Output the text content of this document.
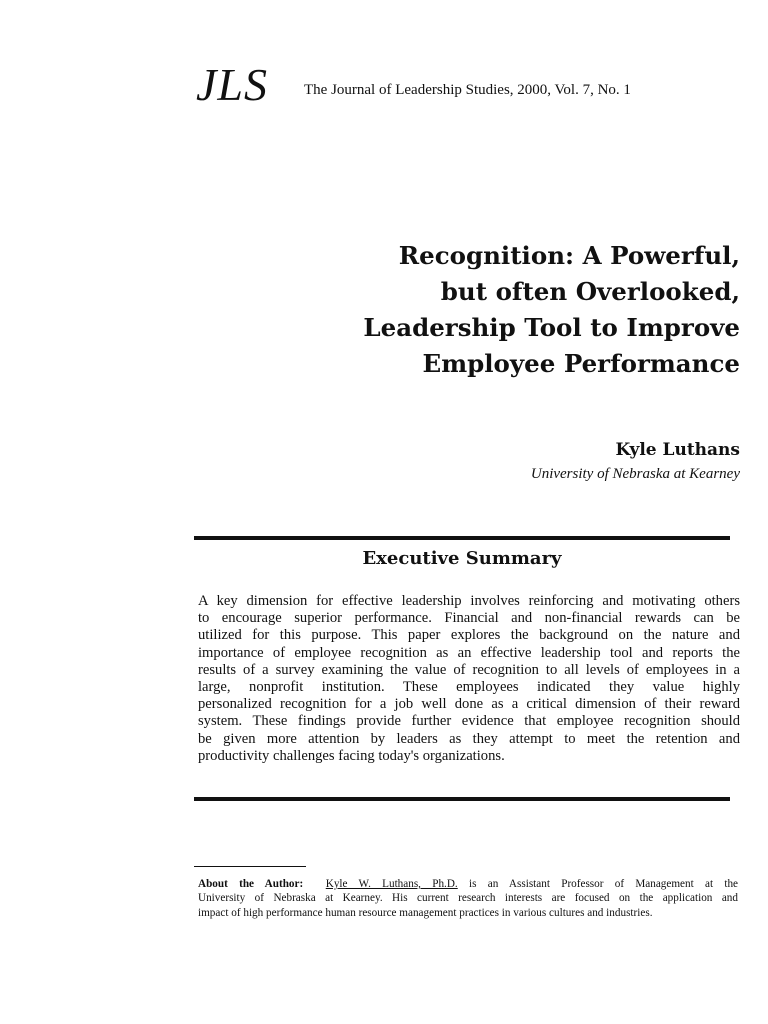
JLS The Journal of Leadership Studies, 2000, Vol. 7, No. 1
Recognition: A Powerful,
but often Overlooked,
Leadership Tool to Improve
Employee Performance
Kyle Luthans
University of Nebraska at Kearney
Executive Summary
A key dimension for effective leadership involves reinforcing and motivating others
to encourage superior performance. Financial and non-financial rewards can be
utilized for this purpose. This paper explores the background on the nature and
importance of employee recognition as an effective leadership tool and reports the
results of a survey examining the value of recognition to all levels of employees in a
large, nonprofit institution. These employees indicated they value highly
personalized recognition for a job well done as a critical dimension of their reward
system. These findings provide further evidence that employee recognition should
be given more attention by leaders as they attempt to meet the retention and
productivity challenges facing today's organizations.
About the Author: Kyle W. Luthans, Ph.D. is an Assistant Professor of Management at the
University of Nebraska at Kearney. His current research interests are focused on the application and
impact of high performance human resource management practices in various cultures and industries.
